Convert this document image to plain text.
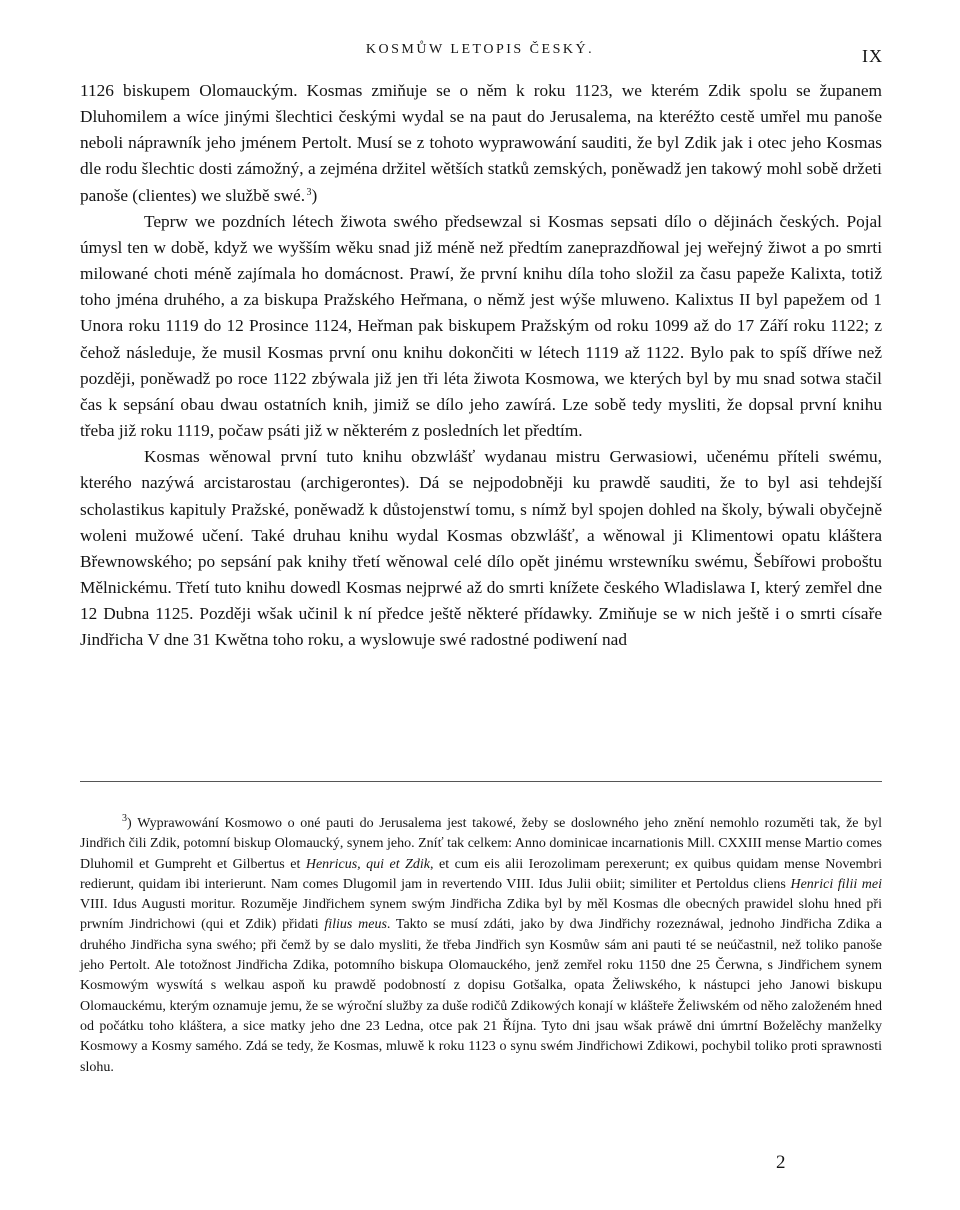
KOSMŮW LETOPIS ČESKÝ.	IX

1126 biskupem Olomauckým. Kosmas zmiňuje se o něm k roku 1123, we kterém Zdik spolu se županem Dluhomilem a wíce jinými šlechtici českými wydal se na paut do Jerusalema, na kteréžto cestě umřel mu panoše neboli náprawník jeho jménem Pertolt. Musí se z tohoto wyprawowání sauditi, že byl Zdik jak i otec jeho Kosmas dle rodu šlechtic dosti zámožný, a zejména držitel wětších statků zemských, poněwadž jen takowý mohl sobě držeti panoše (clientes) we službě swé. $^3$)

Teprw we pozdních létech žiwota swého předsewzal si Kosmas sepsati dílo o dějinách českých. Pojal úmysl ten w době, když we wyšším wěku snad již méně než předtím zaneprazdňowal jej weřejný žiwot a po smrti milowané choti méně zajímala ho domácnost. Prawí, že první knihu díla toho složil za času papeže Kalixta, totiž toho jména druhého, a za biskupa Pražského Heřmana, o němž jest wýše mluweno. Kalixtus II byl papežem od 1 Unora roku 1119 do 12 Prosince 1124, Heřman pak biskupem Pražským od roku 1099 až do 17 Září roku 1122; z čehož následuje, že musil Kosmas první onu knihu dokončiti w létech 1119 až 1122. Bylo pak to spíš dříwe než později, poněwadž po roce 1122 zbýwala již jen tři léta žiwota Kosmowa, we kterých byl by mu snad sotwa stačil čas k sepsání obau dwau ostatních knih, jimiž se dílo jeho zawírá. Lze sobě tedy mysliti, že dopsal první knihu třeba již roku 1119, počaw psáti již w některém z posledních let předtím.

Kosmas wěnowal první tuto knihu obzwlášť wydanau mistru Gerwasiowi, učenému příteli swému, kterého nazýwá arcistarostau (archigerontes). Dá se nejpodobněji ku prawdě sauditi, že to byl asi tehdejší scholastikus kapituly Pražské, poněwadž k důstojenstwí tomu, s nímž byl spojen dohled na školy, býwali obyčejně woleni mužowé učení. Také druhau knihu wydal Kosmas obzwlášť, a wěnowal ji Klimentowi opatu kláštera Břewnowského; po sepsání pak knihy třetí wěnowal celé dílo opět jinému wrstewníku swému, Šebířowi proboštu Mělnickému. Třetí tuto knihu dowedl Kosmas nejprwé až do smrti knížete českého Wladislawa I, který zemřel dne 12 Dubna 1125. Později wšak učinil k ní předce ještě některé přídawky. Zmiňuje se w nich ještě i o smrti císaře Jindřicha V dne 31 Kwětna toho roku, a wyslowuje swé radostné podiwení nad

$^3$) Wyprawowání Kosmowo o oné pauti do Jerusalema jest takowé, žeby se doslowného jeho znění nemohlo rozuměti tak, že byl Jindřich čili Zdik, potomní biskup Olomaucký, synem jeho. Zníť tak celkem: Anno dominicae incarnationis Mill. CXXIII mense Martio comes Dluhomil et Gumpreht et Gilbertus et Henricus, qui et Zdik, et cum eis alii Ierozolimam perexerunt; ex quibus quidam mense Novembri redierunt, quidam ibi interierunt. Nam comes Dlugomil jam in revertendo VIII. Idus Julii obiit; similiter et Pertoldus cliens Henrici filii mei VIII. Idus Augusti moritur. Rozuměje Jindřichem synem swým Jindřicha Zdika byl by měl Kosmas dle obecných prawidel slohu hned při prwním Jindrichowi (qui et Zdik) přidati filius meus. Takto se musí zdáti, jako by dwa Jindřichy rozeznáwal, jednoho Jindřicha Zdika a druhého Jindřicha syna swého; při čemž by se dalo mysliti, že třeba Jindřich syn Kosmůw sám ani pauti té se neúčastnil, než toliko panoše jeho Pertolt. Ale totožnost Jindřicha Zdika, potomního biskupa Olomauckého, jenž zemřel roku 1150 dne 25 Čerwna, s Jindřichem synem Kosmowým wyswítá s welkau aspoň ku prawdě podobností z dopisu Gotšalka, opata Želiwského, k nástupci jeho Janowi biskupu Olomauckému, kterým oznamuje jemu, že se wýroční služby za duše rodičů Zdikowých konají w klášteře Želiwském od něho založeném hned od počátku toho kláštera, a sice matky jeho dne 23 Ledna, otce pak 21 Října. Tyto dni jsau wšak práwě dni úmrtní Boželěchy manželky Kosmowy a Kosmy samého. Zdá se tedy, že Kosmas, mluwě k roku 1123 o synu swém Jindřichowi Zdikowi, pochybil toliko proti sprawnosti slohu.

2
